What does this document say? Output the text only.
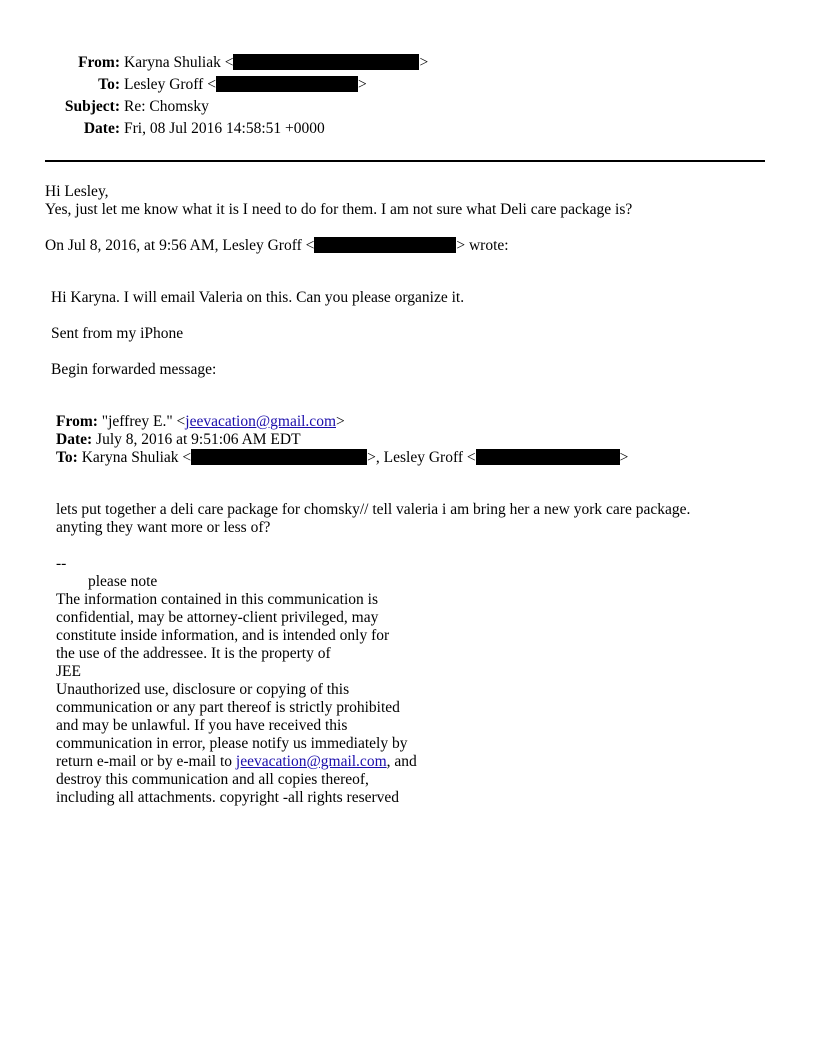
From: Karyna Shuliak <	>
To: Lesley Groff <	>
Subject: Re: Chomsky
Date: Fri, 08 Jul 2016 14:58:51 +0000
Hi Lesley,
Yes, just let me know what it is I need to do for them. I am not sure what Deli care package is?
On Jul 8, 2016, at 9:56 AM, Lesley Groff <	> wrote:
Hi Karyna. I will email Valeria on this. Can you please organize it.
Sent from my iPhone
Begin forwarded message:
From: "jeffrey E." <jeevacation@gmail.com>
Date: July 8, 2016 at 9:51:06 AM EDT
To: Karyna Shuliak <	>, Lesley Groff <	>
lets put together a deli care package for chomsky// tell valeria i am bring her a new york care package.
anyting they want more or less of?
--
please note
The information contained in this communication is
confidential, may be attorney-client privileged, may
constitute inside information, and is intended only for
the use of the addressee. It is the property of
JEE
Unauthorized use, disclosure or copying of this
communication or any part thereof is strictly prohibited
and may be unlawful. If you have received this
communication in error, please notify us immediately by
return e-mail or by e-mail to jeevacation@gmail.com, and
destroy this communication and all copies thereof,
including all attachments. copyright -all rights reserved
